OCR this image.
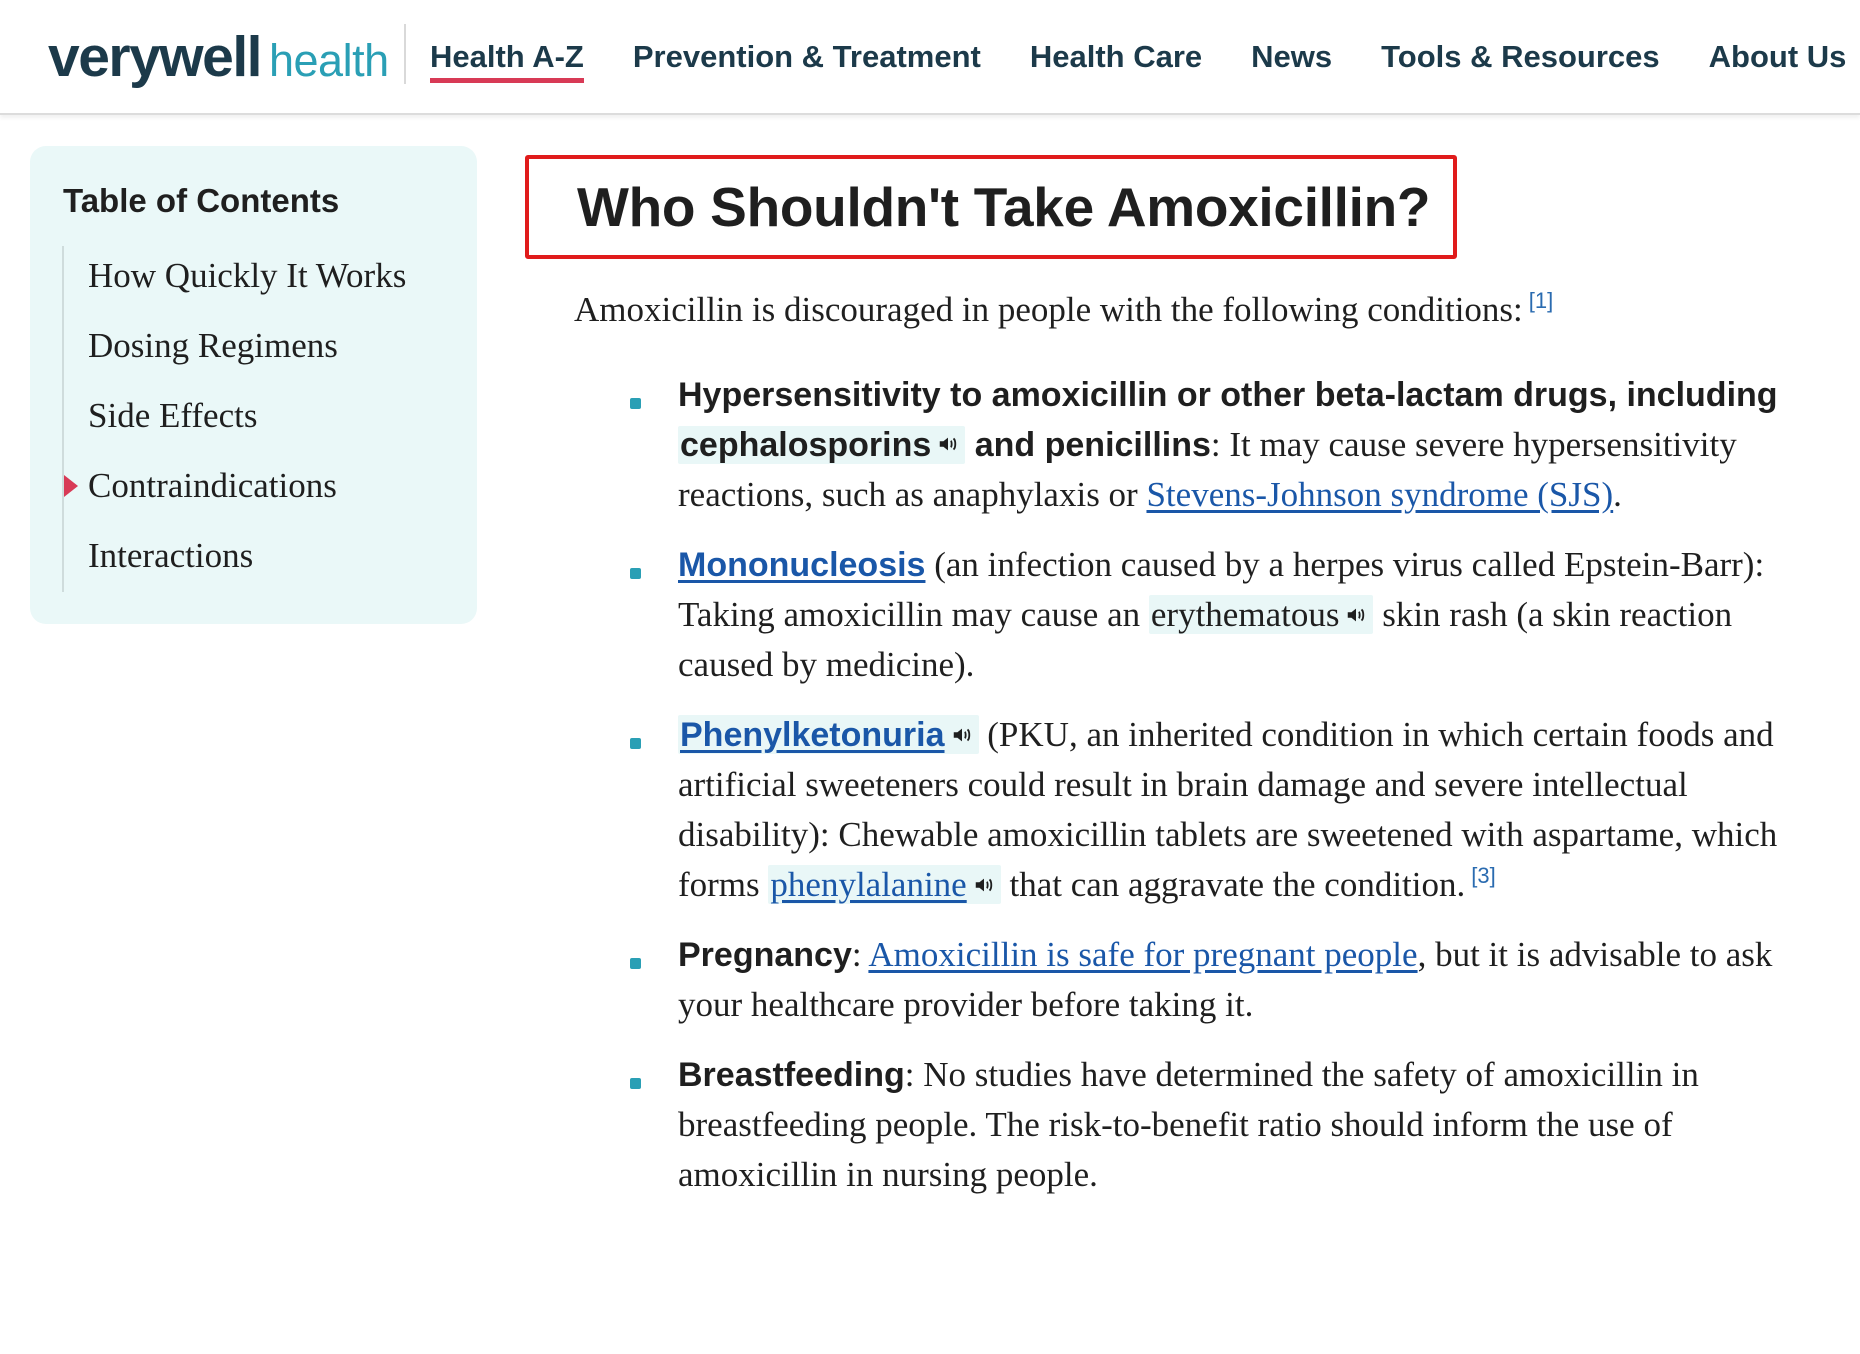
verywell health Health A-Z Prevention & Treatment Health Care News Tools & Resources About Us
Table of Contents
How Quickly It Works
Dosing Regimens
Side Effects
Contraindications
Interactions
Who Shouldn't Take Amoxicillin?

Amoxicillin is discouraged in people with the following conditions: [1]

Hypersensitivity to amoxicillin or other beta-lactam drugs, including cephalosporins and penicillins: It may cause severe hypersensitivity reactions, such as anaphylaxis or Stevens-Johnson syndrome (SJS).
Mononucleosis (an infection caused by a herpes virus called Epstein-Barr): Taking amoxicillin may cause an erythematous skin rash (a skin reaction caused by medicine).
Phenylketonuria (PKU, an inherited condition in which certain foods and artificial sweeteners could result in brain damage and severe intellectual disability): Chewable amoxicillin tablets are sweetened with aspartame, which forms phenylalanine that can aggravate the condition. [3]
Pregnancy: Amoxicillin is safe for pregnant people, but it is advisable to ask your healthcare provider before taking it.
Breastfeeding: No studies have determined the safety of amoxicillin in breastfeeding people. The risk-to-benefit ratio should inform the use of amoxicillin in nursing people.
